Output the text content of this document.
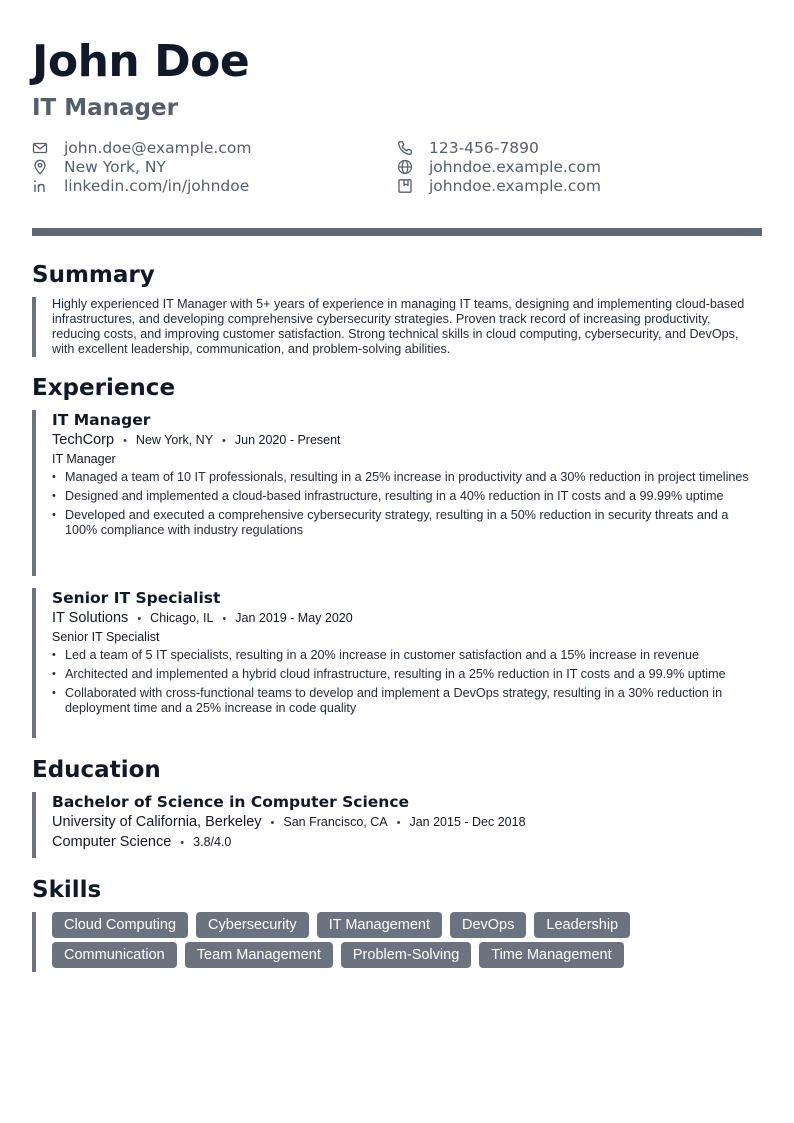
John Doe
IT Manager
john.doe@example.com	123-456-7890
New York, NY	johndoe.example.com
linkedin.com/in/johndoe	johndoe.example.com
Summary
Highly experienced IT Manager with 5+ years of experience in managing IT teams, designing and implementing cloud-based infrastructures, and developing comprehensive cybersecurity strategies. Proven track record of increasing productivity, reducing costs, and improving customer satisfaction. Strong technical skills in cloud computing, cybersecurity, and DevOps, with excellent leadership, communication, and problem-solving abilities.
Experience
IT Manager
TechCorp • New York, NY • Jun 2020 - Present
IT Manager
• Managed a team of 10 IT professionals, resulting in a 25% increase in productivity and a 30% reduction in project timelines
• Designed and implemented a cloud-based infrastructure, resulting in a 40% reduction in IT costs and a 99.99% uptime
• Developed and executed a comprehensive cybersecurity strategy, resulting in a 50% reduction in security threats and a 100% compliance with industry regulations
Senior IT Specialist
IT Solutions • Chicago, IL • Jan 2019 - May 2020
Senior IT Specialist
• Led a team of 5 IT specialists, resulting in a 20% increase in customer satisfaction and a 15% increase in revenue
• Architected and implemented a hybrid cloud infrastructure, resulting in a 25% reduction in IT costs and a 99.9% uptime
• Collaborated with cross-functional teams to develop and implement a DevOps strategy, resulting in a 30% reduction in deployment time and a 25% increase in code quality
Education
Bachelor of Science in Computer Science
University of California, Berkeley • San Francisco, CA • Jan 2015 - Dec 2018
Computer Science • 3.8/4.0
Skills
Cloud Computing	Cybersecurity	IT Management	DevOps	Leadership
Communication	Team Management	Problem-Solving	Time Management
